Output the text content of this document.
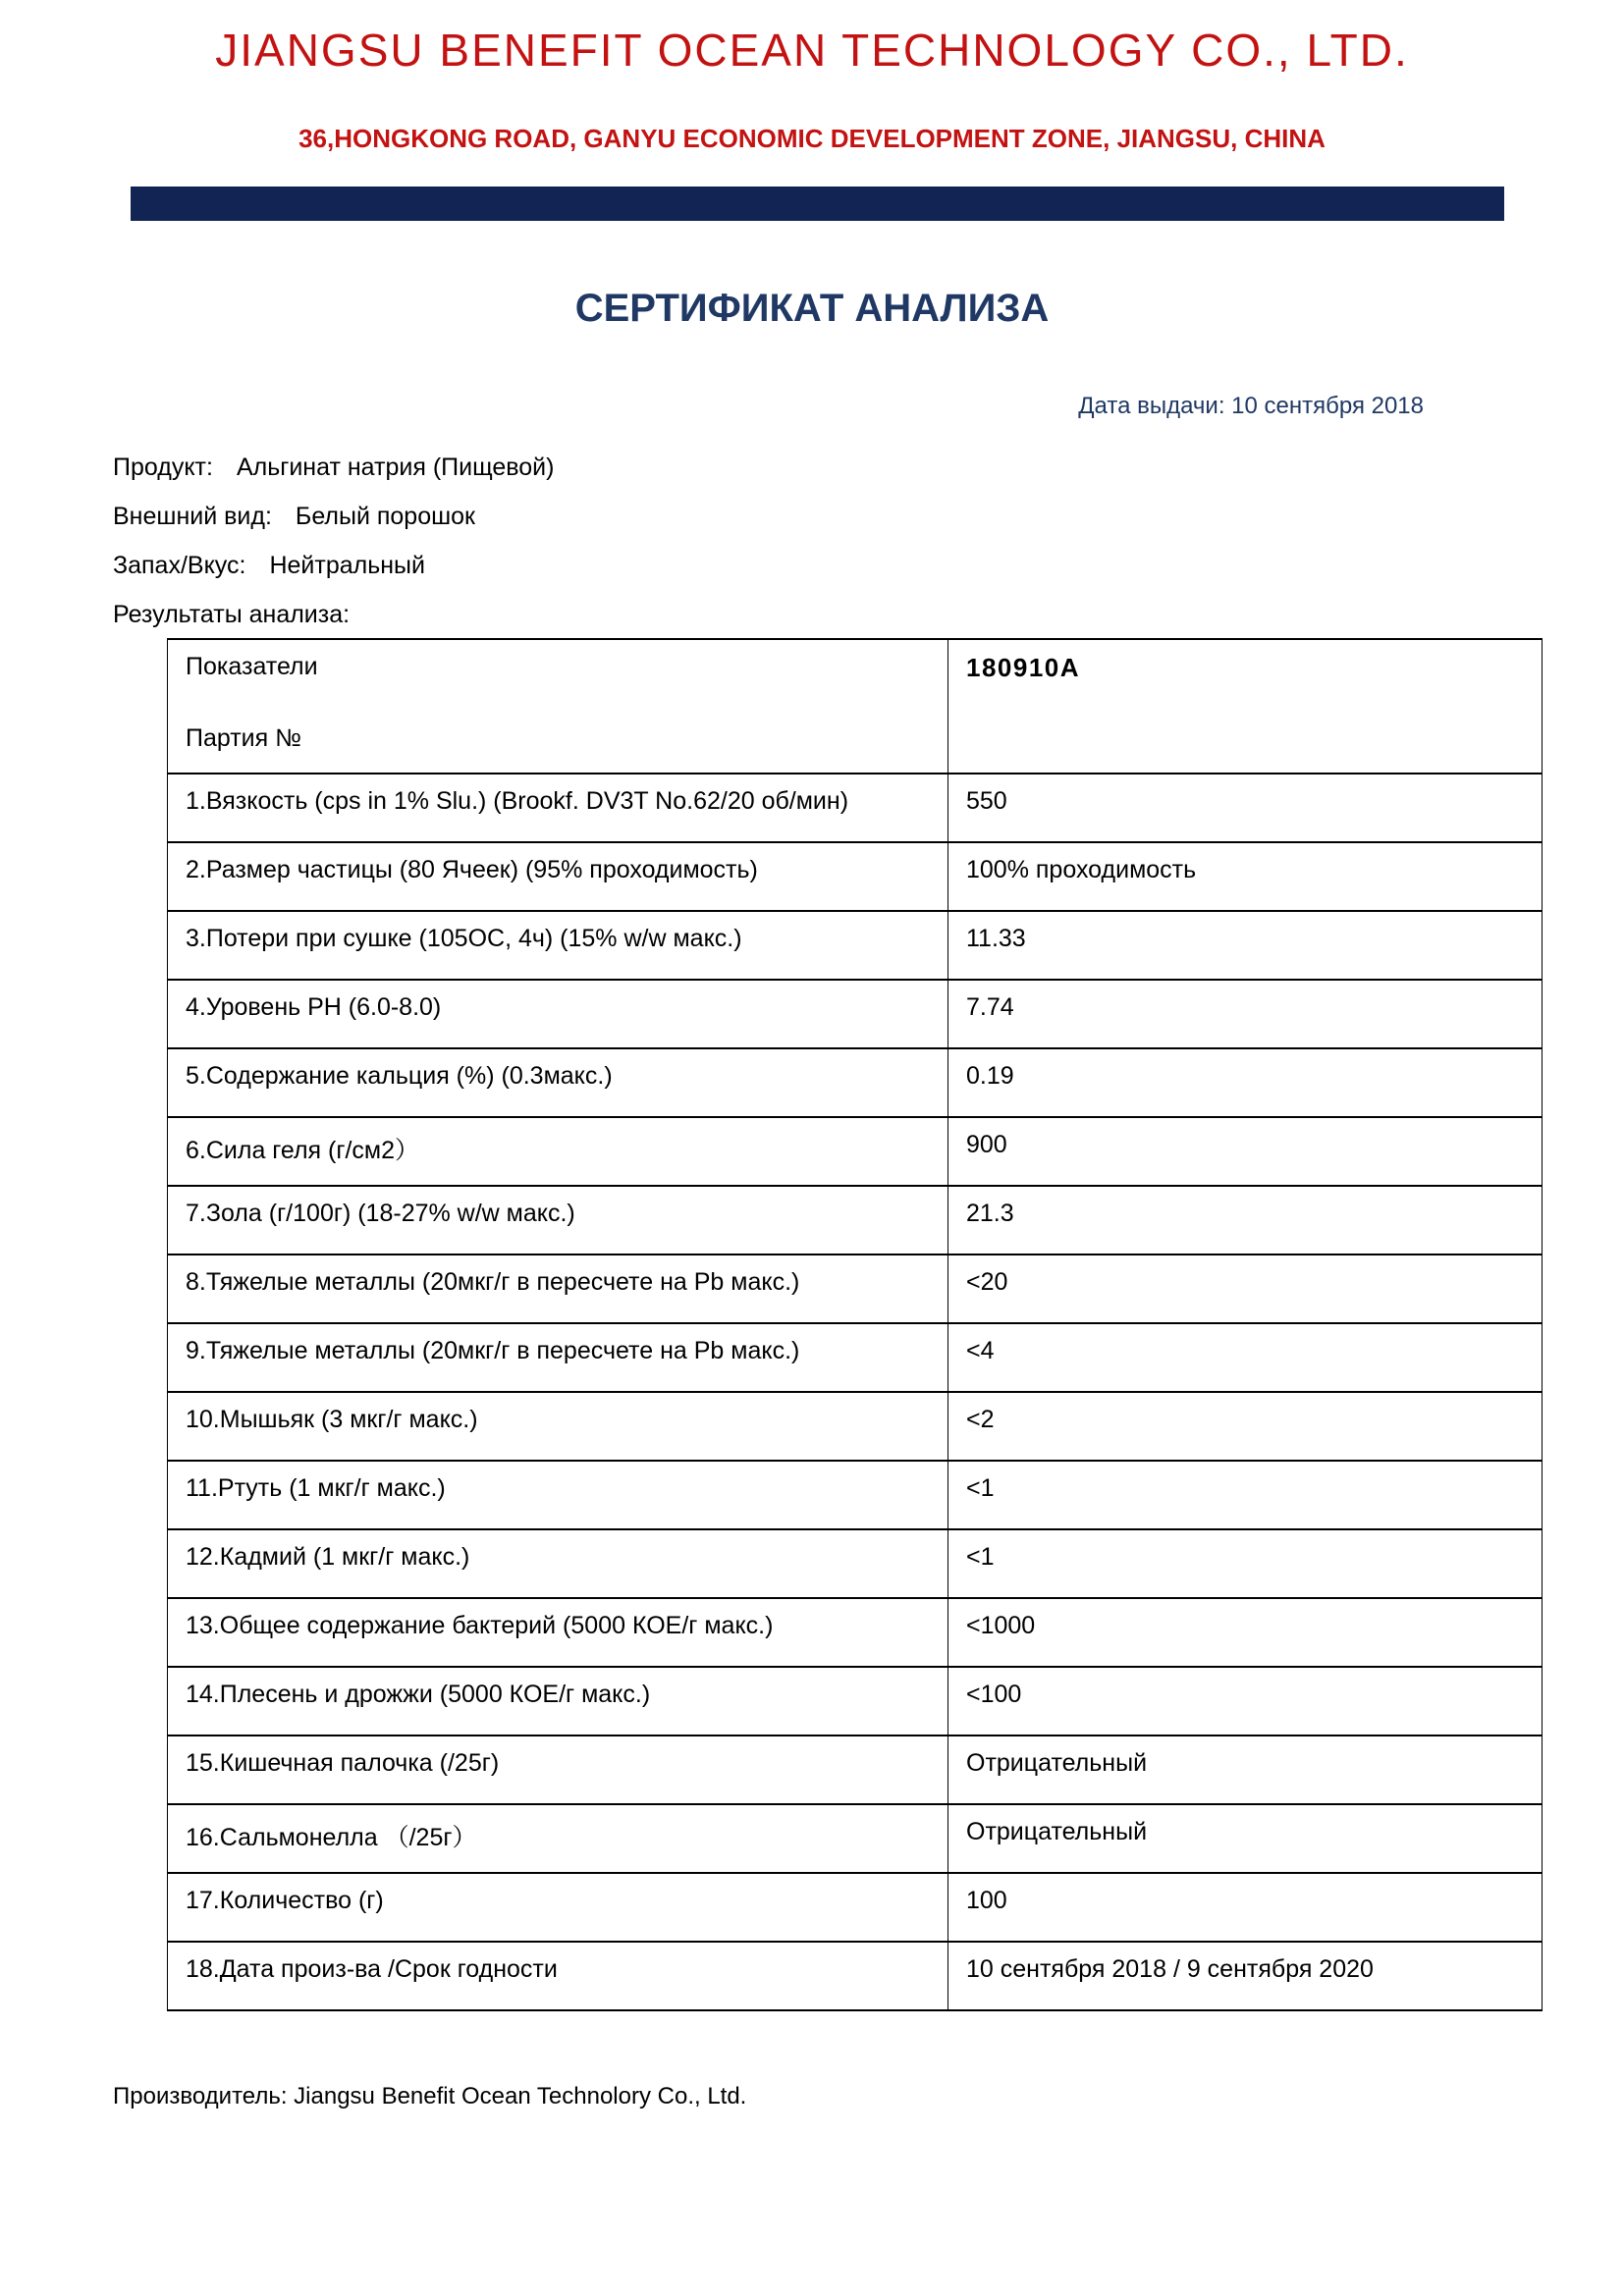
JIANGSU BENEFIT OCEAN TECHNOLOGY CO., LTD.
36,HONGKONG ROAD, GANYU ECONOMIC DEVELOPMENT ZONE, JIANGSU, CHINA
СЕРТИФИКАТ АНАЛИЗА
Дата выдачи: 10 сентября 2018
Продукт: Альгинат натрия (Пищевой)
Внешний вид: Белый порошок
Запах/Вкус: Нейтральный
Результаты анализа:
Показатели
Партия №	180910A

1.Вязкость (cps in 1% Slu.) (Brookf. DV3T No.62/20 об/мин)	550
2.Размер частицы (80 Ячеек) (95% проходимость)	100% проходимость
3.Потери при сушке (105ОС, 4ч) (15% w/w макс.)	11.33
4.Уровень PH (6.0-8.0)	7.74
5.Содержание кальция (%) (0.3макс.)	0.19
6.Сила геля (г/см2）	900
7.Зола (г/100г) (18-27% w/w макс.)	21.3
8.Тяжелые металлы (20мкг/г в пересчете на Pb макс.)	<20
9.Тяжелые металлы (20мкг/г в пересчете на Pb макс.)	<4
10.Мышьяк (3 мкг/г макс.)	<2
11.Ртуть (1 мкг/г макс.)	<1
12.Кадмий (1 мкг/г макс.)	<1
13.Общее содержание бактерий (5000 КОЕ/г макс.)	<1000
14.Плесень и дрожжи (5000 КОЕ/г макс.)	<100
15.Кишечная палочка (/25г)	Отрицательный
16.Сальмонелла （/25г）	Отрицательный
17.Количество (г)	100
18.Дата произ-ва /Срок годности	10 сентября 2018 / 9 сентября 2020
Производитель: Jiangsu Benefit Ocean Technolory Co., Ltd.
